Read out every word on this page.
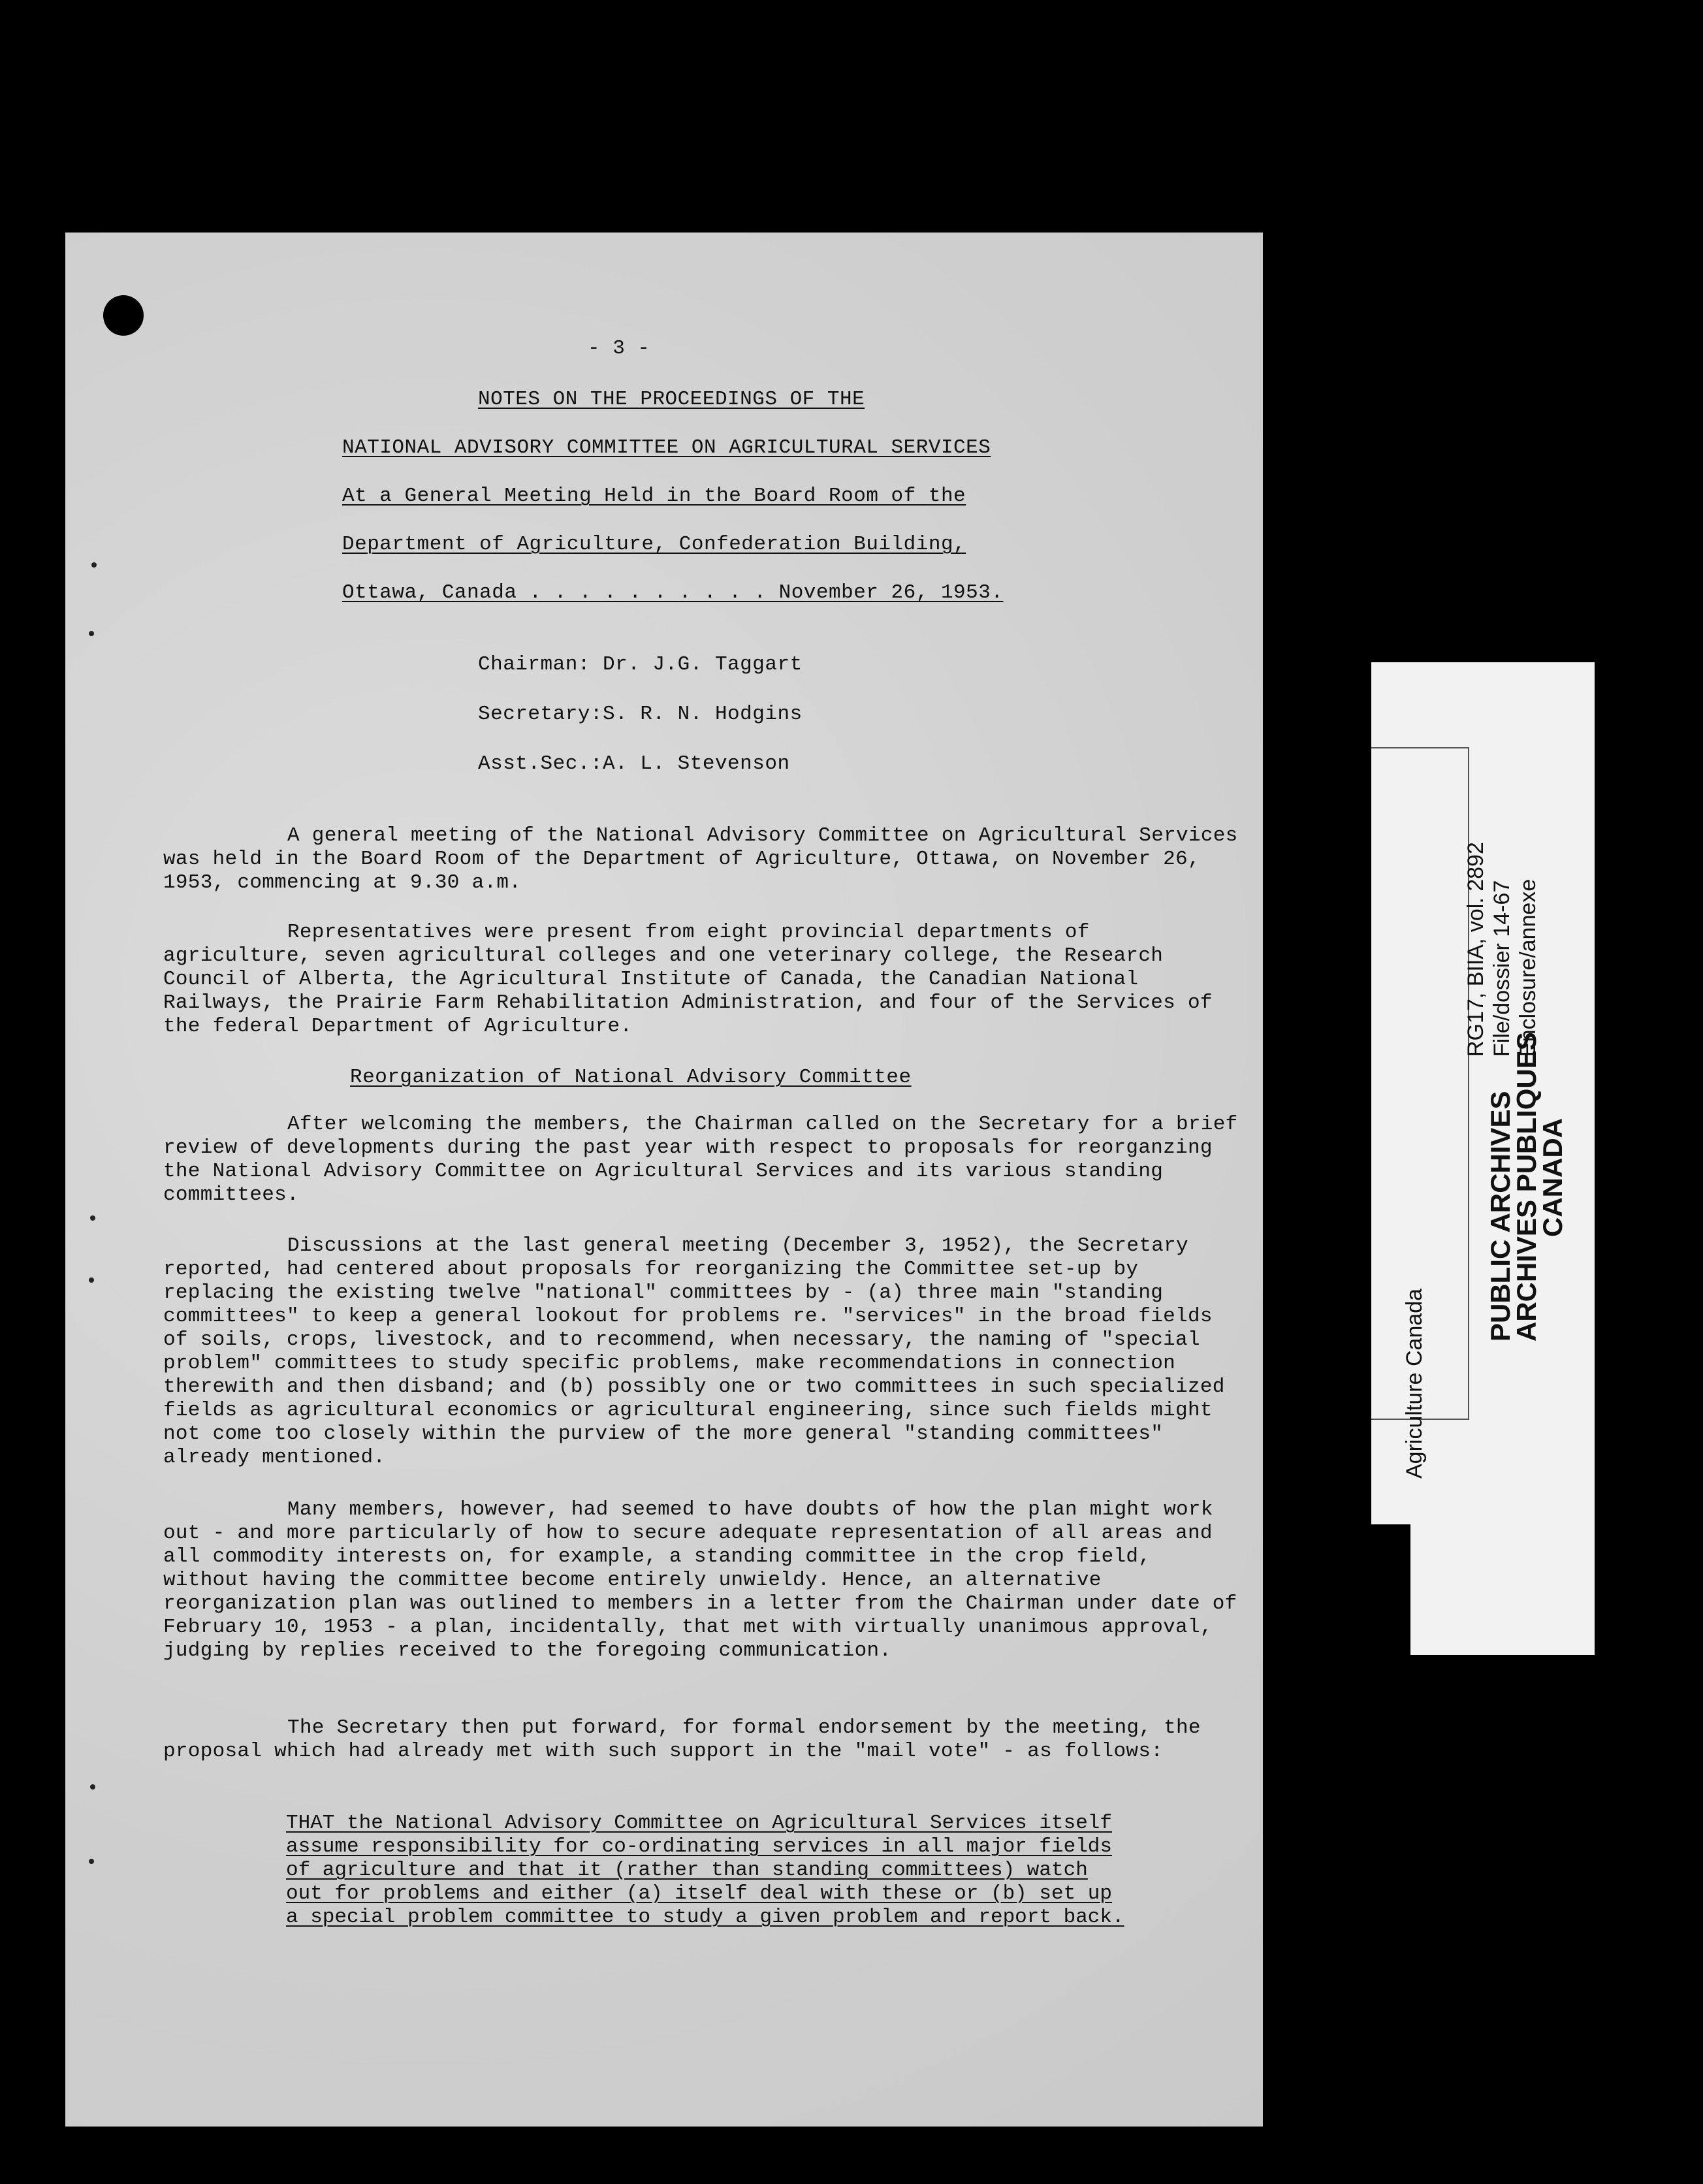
- 3 -
NOTES ON THE PROCEEDINGS OF THE
NATIONAL ADVISORY COMMITTEE ON AGRICULTURAL SERVICES
At a General Meeting Held in the Board Room of the
Department of Agriculture, Confederation Building,
Ottawa, Canada . . . . . . . . . . November 26, 1953.
Chairman: Dr. J.G. Taggart
Secretary:S. R. N. Hodgins
Asst.Sec.:A. L. Stevenson

A general meeting of the National Advisory Committee on Agricultural Services was held in the Board Room of the Department of Agriculture, Ottawa, on November 26, 1953, commencing at 9.30 a.m.

Representatives were present from eight provincial departments of agriculture, seven agricultural colleges and one veterinary college, the Research Council of Alberta, the Agricultural Institute of Canada, the Canadian National Railways, the Prairie Farm Rehabilitation Administration, and four of the Services of the federal Department of Agriculture.

Reorganization of National Advisory Committee

After welcoming the members, the Chairman called on the Secretary for a brief review of developments during the past year with respect to proposals for reorganzing the National Advisory Committee on Agricultural Services and its various standing committees.

Discussions at the last general meeting (December 3, 1952), the Secretary reported, had centered about proposals for reorganizing the Committee set-up by replacing the existing twelve "national" committees by - (a) three main "standing committees" to keep a general lookout for problems re. "services" in the broad fields of soils, crops, livestock, and to recommend, when necessary, the naming of "special problem" committees to study specific problems, make recommendations in connection therewith and then disband; and (b) possibly one or two committees in such specialized fields as agricultural economics or agricultural engineering, since such fields might not come too closely within the purview of the more general "standing committees" already mentioned.

Many members, however, had seemed to have doubts of how the plan might work out - and more particularly of how to secure adequate representation of all areas and all commodity interests on, for example, a standing committee in the crop field, without having the committee become entirely unwieldy. Hence, an alternative reorganization plan was outlined to members in a letter from the Chairman under date of February 10, 1953 - a plan, incidentally, that met with virtually unanimous approval, judging by replies received to the foregoing communication.

The Secretary then put forward, for formal endorsement by the meeting, the proposal which had already met with such support in the "mail vote" - as follows:

THAT the National Advisory Committee on Agricultural Services itself assume responsibility for co-ordinating services in all major fields of agriculture and that it (rather than standing committees) watch out for problems and either (a) itself deal with these or (b) set up a special problem committee to study a given problem and report back.

Agriculture Canada
RG17, BIIA, vol. 2892 File/dossier 14-67 Enclosure/annexe
PUBLIC ARCHIVES
ARCHIVES PUBLIQUES
CANADA
